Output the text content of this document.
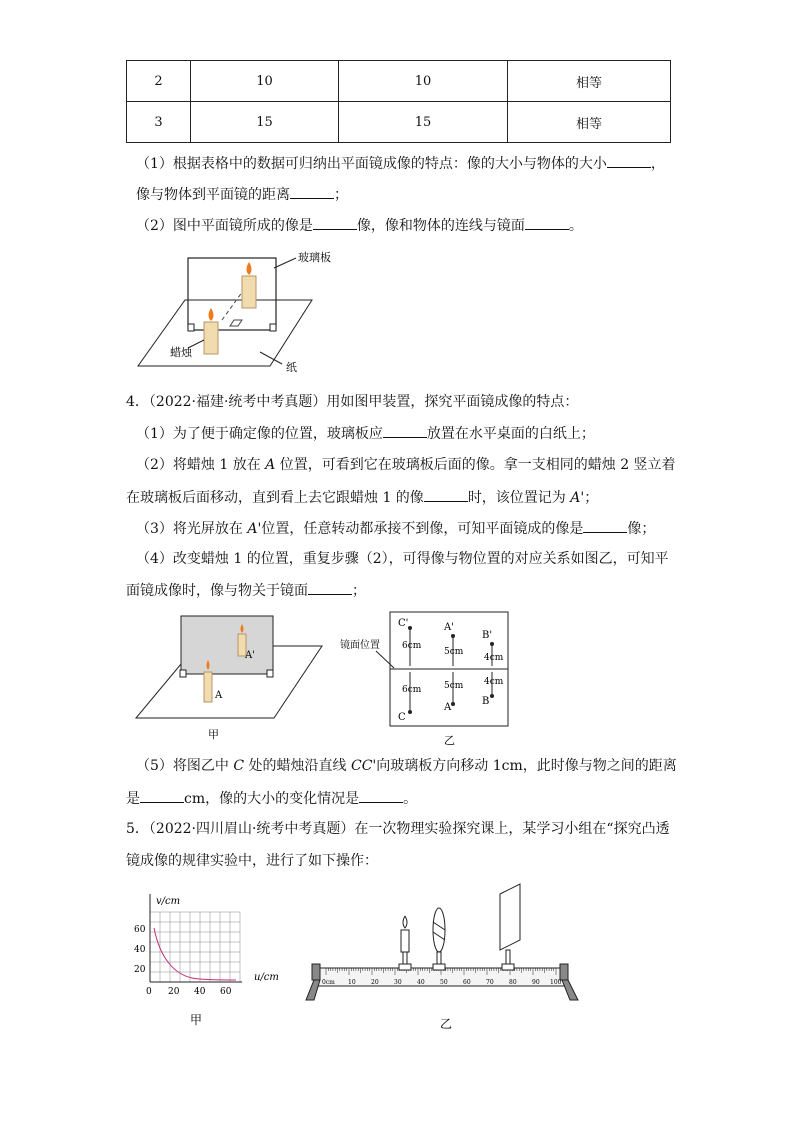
2	10	10	相等
3	15	15	相等
（1）根据表格中的数据可归纳出平面镜成像的特点：像的大小与物体的大小	，
像与物体到平面镜的距离	；
（2）图中平面镜所成的像是	像，像和物体的连线与镜面	。
玻璃板
蜡烛
纸
4．（2022·福建·统考中考真题）用如图甲装置，探究平面镜成像的特点：
（1）为了便于确定像的位置，玻璃板应	放置在水平桌面的白纸上；
（2）将蜡烛 1 放在 A 位置，可看到它在玻璃板后面的像。拿一支相同的蜡烛 2 竖立着
在玻璃板后面移动，直到看上去它跟蜡烛 1 的像	时，该位置记为 A'；
（3）将光屏放在 A'位置，任意转动都承接不到像，可知平面镜成的像是	像；
（4）改变蜡烛 1 的位置，重复步骤（2），可得像与物位置的对应关系如图乙，可知平
面镜成像时，像与物关于镜面	；
A'
A
甲
镜面位置
C'
6cm
6cm
C
A'
5cm
5cm
A
B'
4cm
4cm
B
乙
（5）将图乙中 C 处的蜡烛沿直线 CC'向玻璃板方向移动 1cm，此时像与物之间的距离
是	cm，像的大小的变化情况是	。
5．（2022·四川眉山·统考中考真题）在一次物理实验探究课上，某学习小组在“探究凸透
镜成像的规律实验中，进行了如下操作：
v/cm
u/cm
60
40
20
0 20 40 60
甲
0cm 10	20	30	40	50	60	70	80	90 100
乙
